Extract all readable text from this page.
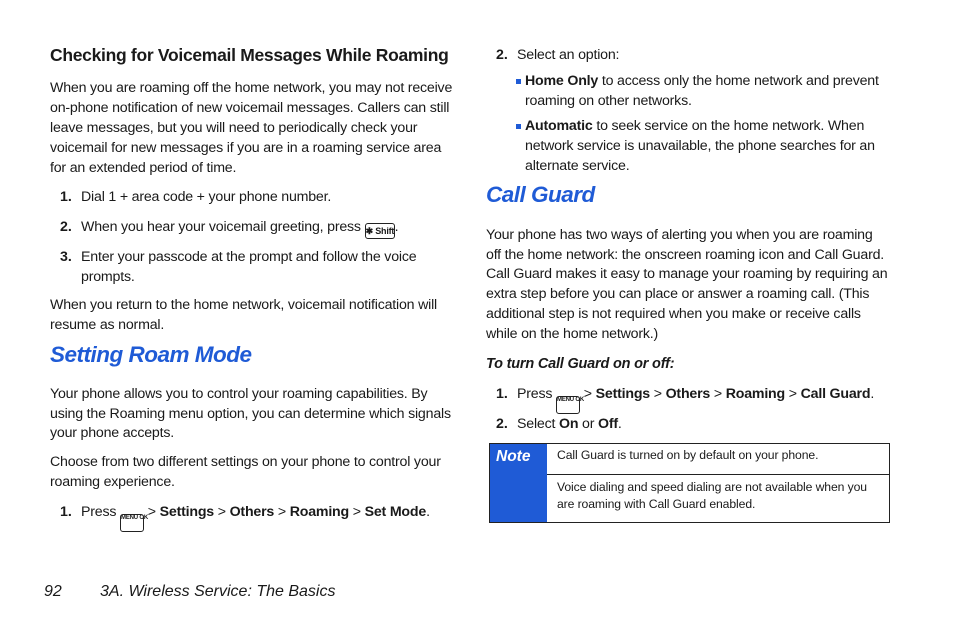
Checking for Voicemail Messages While Roaming
When you are roaming off the home network, you may not receive
on-phone notification of new voicemail messages. Callers can still
leave messages, but you will need to periodically check your
voicemail for new messages if you are in a roaming service area
for an extended period of time.
1. Dial 1 + area code + your phone number.
2. When you hear your voicemail greeting, press ✱ Shift.
3. Enter your passcode at the prompt and follow the voice
prompts.
When you return to the home network, voicemail notification will
resume as normal.
Setting Roam Mode
Your phone allows you to control your roaming capabilities. By
using the Roaming menu option, you can determine which signals
your phone accepts.
Choose from two different settings on your phone to control your
roaming experience.
1. Press MENU OK > Settings > Others > Roaming > Set Mode.
2. Select an option:
Home Only to access only the home network and prevent
roaming on other networks.
Automatic to seek service on the home network. When
network service is unavailable, the phone searches for an
alternate service.
Call Guard
Your phone has two ways of alerting you when you are roaming
off the home network: the onscreen roaming icon and Call Guard.
Call Guard makes it easy to manage your roaming by requiring an
extra step before you can place or answer a roaming call. (This
additional step is not required when you make or receive calls
while on the home network.)
To turn Call Guard on or off:
1. Press MENU OK > Settings > Others > Roaming > Call Guard.
2. Select On or Off.
Note	Call Guard is turned on by default on your phone.
Voice dialing and speed dialing are not available when you
are roaming with Call Guard enabled.
92 3A. Wireless Service: The Basics
